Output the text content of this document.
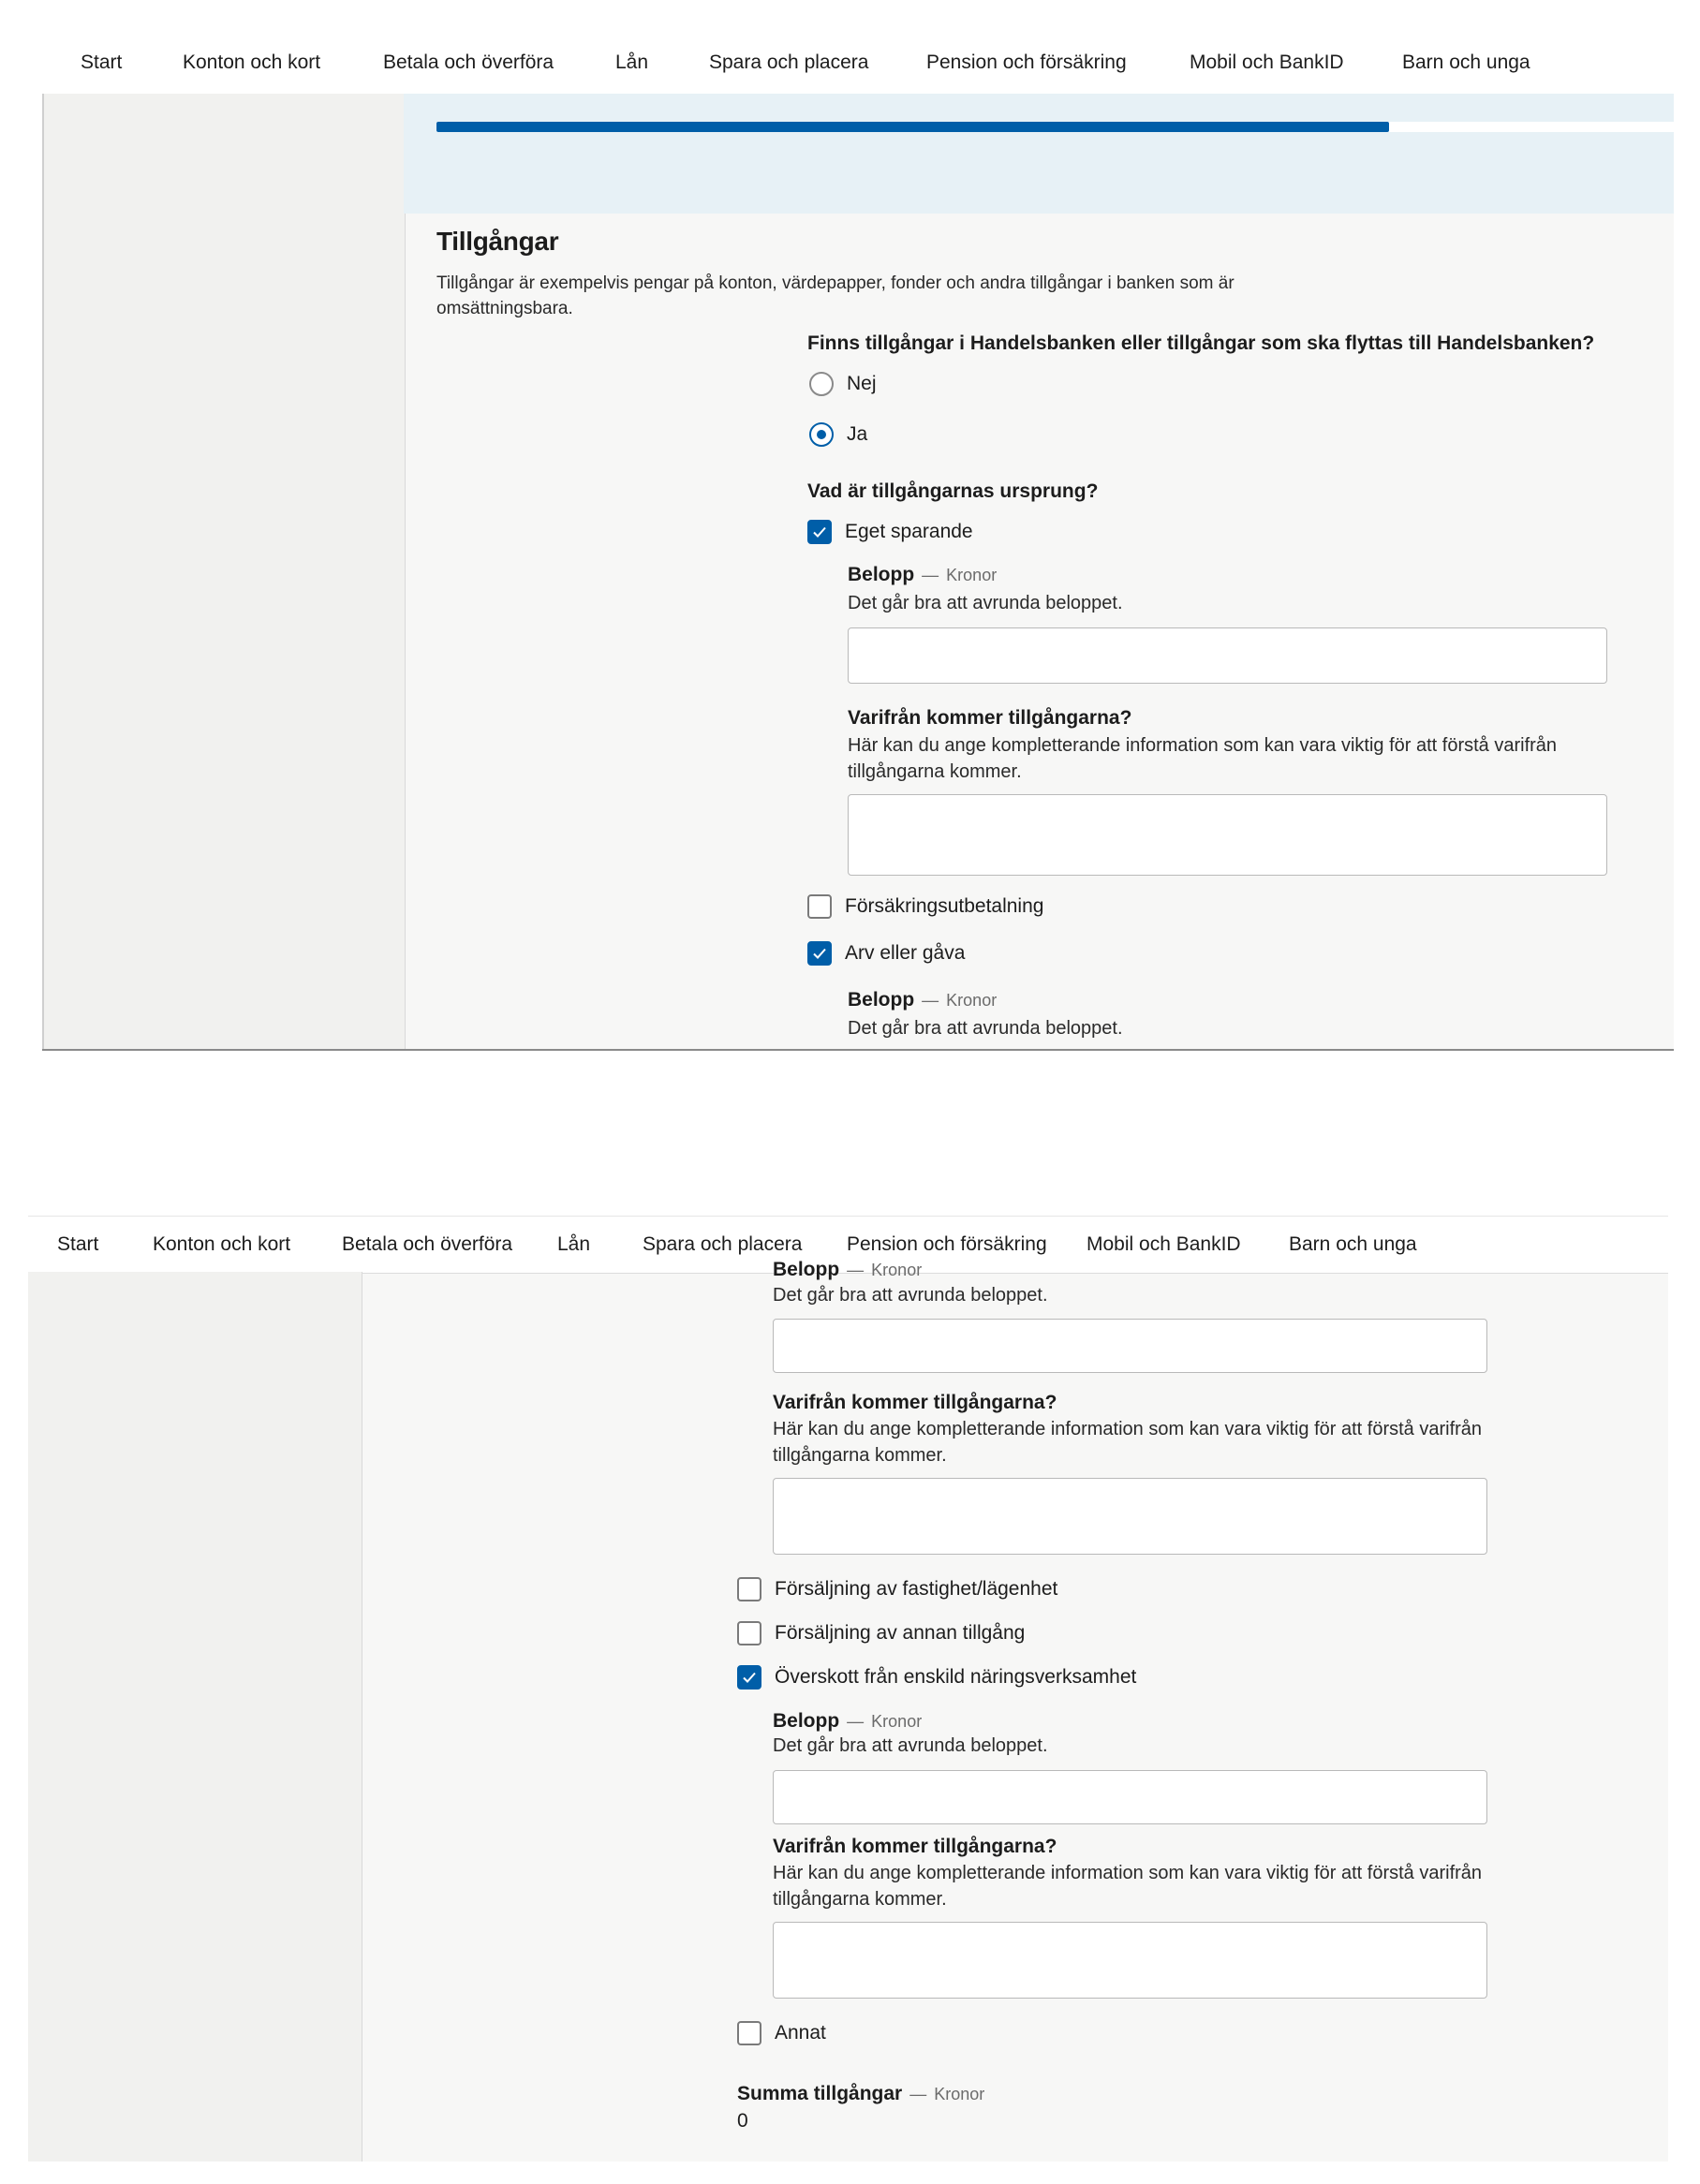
Start	Konton och kort	Betala och överföra	Lån	Spara och placera	Pension och försäkring	Mobil och BankID	Barn och unga
Tillgångar
Tillgångar är exempelvis pengar på konton, värdepapper, fonder och andra tillgångar i banken som är omsättningsbara.
Finns tillgångar i Handelsbanken eller tillgångar som ska flyttas till Handelsbanken?
Nej
Ja
Vad är tillgångarnas ursprung?
Eget sparande
Belopp — Kronor
Det går bra att avrunda beloppet.
Varifrån kommer tillgångarna?
Här kan du ange kompletterande information som kan vara viktig för att förstå varifrån tillgångarna kommer.
Försäkringsutbetalning
Arv eller gåva
Belopp — Kronor
Det går bra att avrunda beloppet.
Start	Konton och kort	Betala och överföra Lån	Spara och placera Pension och försäkring Mobil och BankID Barn och unga
Belopp — Kronor
Det går bra att avrunda beloppet.
Varifrån kommer tillgångarna?
Här kan du ange kompletterande information som kan vara viktig för att förstå varifrån tillgångarna kommer.
Försäljning av fastighet/lägenhet
Försäljning av annan tillgång
Överskott från enskild näringsverksamhet
Belopp — Kronor
Det går bra att avrunda beloppet.
Varifrån kommer tillgångarna?
Här kan du ange kompletterande information som kan vara viktig för att förstå varifrån tillgångarna kommer.
Annat
Summa tillgångar — Kronor
0
